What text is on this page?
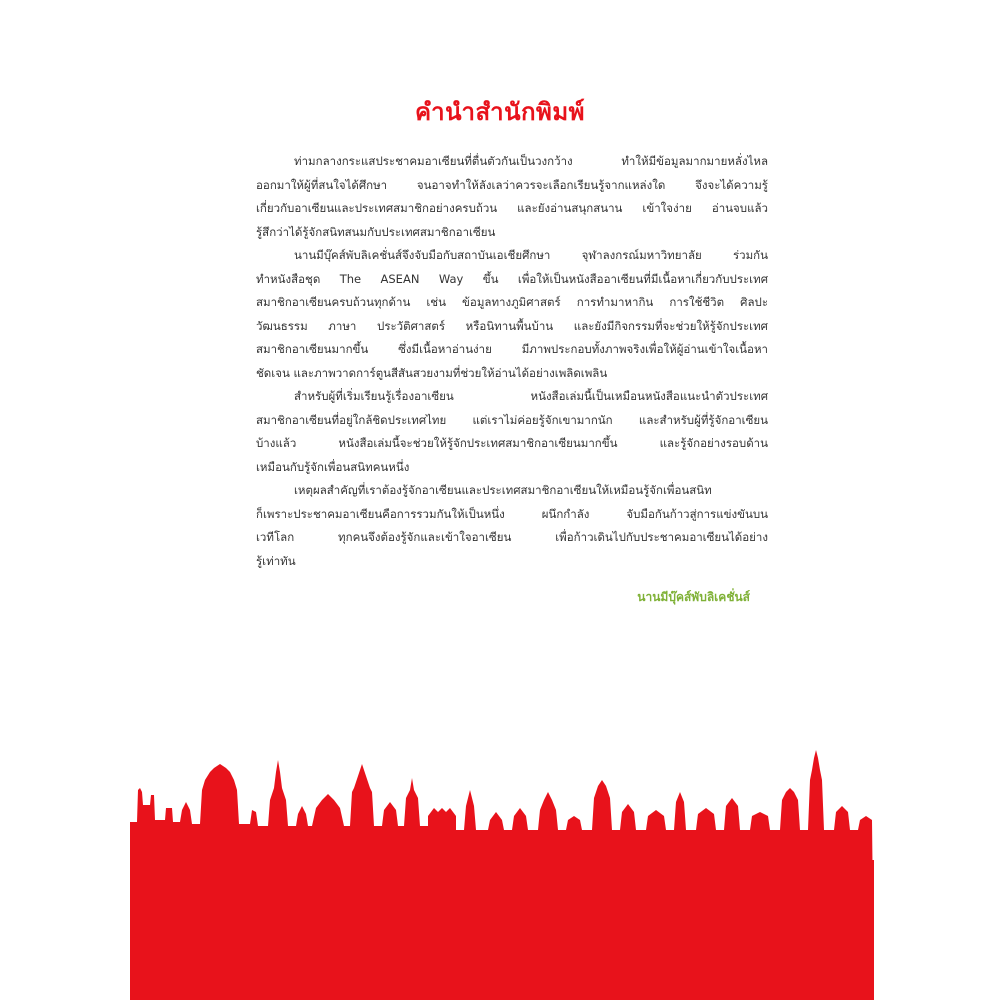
คำนำสำนักพิมพ์
ท่ามกลางกระแสประชาคมอาเซียนที่ตื่นตัวกันเป็นวงกว้าง ทำให้มีข้อมูลมากมายหลั่งไหล
ออกมาให้ผู้ที่สนใจได้ศึกษา จนอาจทำให้ลังเลว่าควรจะเลือกเรียนรู้จากแหล่งใด จึงจะได้ความรู้
เกี่ยวกับอาเซียนและประเทศสมาชิกอย่างครบถ้วน และยังอ่านสนุกสนาน เข้าใจง่าย อ่านจบแล้ว
รู้สึกว่าได้รู้จักสนิทสนมกับประเทศสมาชิกอาเซียน
นานมีบุ๊คส์พับลิเคชั่นส์จึงจับมือกับสถาบันเอเชียศึกษา จุฬาลงกรณ์มหาวิทยาลัย ร่วมกัน
ทำหนังสือชุด The ASEAN Way ขึ้น เพื่อให้เป็นหนังสืออาเซียนที่มีเนื้อหาเกี่ยวกับประเทศ
สมาชิกอาเซียนครบถ้วนทุกด้าน เช่น ข้อมูลทางภูมิศาสตร์ การทำมาหากิน การใช้ชีวิต ศิลปะ
วัฒนธรรม ภาษา ประวัติศาสตร์ หรือนิทานพื้นบ้าน และยังมีกิจกรรมที่จะช่วยให้รู้จักประเทศ
สมาชิกอาเซียนมากขึ้น ซึ่งมีเนื้อหาอ่านง่าย มีภาพประกอบทั้งภาพจริงเพื่อให้ผู้อ่านเข้าใจเนื้อหา
ชัดเจน และภาพวาดการ์ตูนสีสันสวยงามที่ช่วยให้อ่านได้อย่างเพลิดเพลิน
สำหรับผู้ที่เริ่มเรียนรู้เรื่องอาเซียน หนังสือเล่มนี้เป็นเหมือนหนังสือแนะนำตัวประเทศ
สมาชิกอาเซียนที่อยู่ใกล้ชิดประเทศไทย แต่เราไม่ค่อยรู้จักเขามากนัก และสำหรับผู้ที่รู้จักอาเซียน
บ้างแล้ว หนังสือเล่มนี้จะช่วยให้รู้จักประเทศสมาชิกอาเซียนมากขึ้น และรู้จักอย่างรอบด้าน
เหมือนกับรู้จักเพื่อนสนิทคนหนึ่ง
เหตุผลสำคัญที่เราต้องรู้จักอาเซียนและประเทศสมาชิกอาเซียนให้เหมือนรู้จักเพื่อนสนิท
ก็เพราะประชาคมอาเซียนคือการรวมกันให้เป็นหนึ่ง ผนึกกำลัง จับมือกันก้าวสู่การแข่งขันบน
เวทีโลก ทุกคนจึงต้องรู้จักและเข้าใจอาเซียน เพื่อก้าวเดินไปกับประชาคมอาเซียนได้อย่าง
รู้เท่าทัน
นานมีบุ๊คส์พับลิเคชั่นส์
